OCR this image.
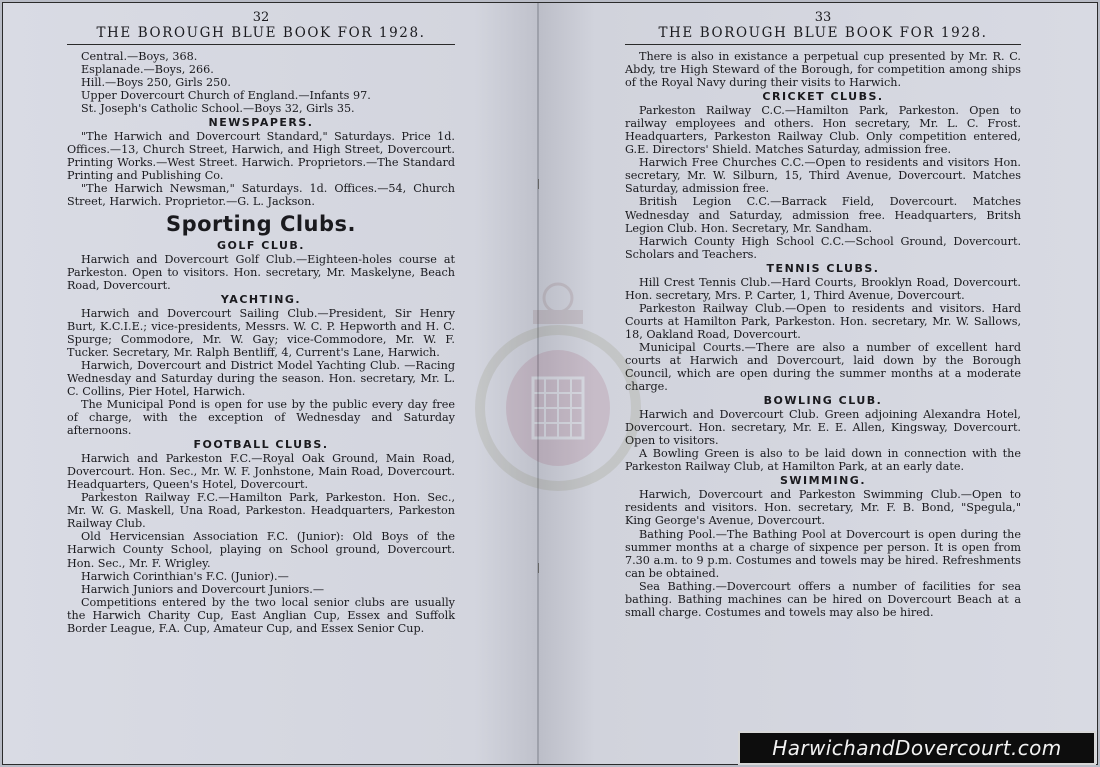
32
THE BOROUGH BLUE BOOK FOR 1928.

Central.—Boys, 368.

Esplanade.—Boys, 266.

Hill.—Boys 250, Girls 250.

Upper Dovercourt Church of England.—Infants 97.

St. Joseph's Catholic School.—Boys 32, Girls 35.

NEWSPAPERS.

"The Harwich and Dovercourt Standard," Saturdays. Price 1d. Offices.—13, Church Street, Harwich, and High Street, Dovercourt. Printing Works.—West Street. Harwich. Proprietors.—The Standard Printing and Publishing Co.

"The Harwich Newsman," Saturdays. 1d. Offices.—54, Church Street, Harwich. Proprietor.—G. L. Jackson.

Sporting Clubs.
GOLF CLUB.

Harwich and Dovercourt Golf Club.—Eighteen-holes course at Parkeston. Open to visitors. Hon. secretary, Mr. Maskelyne, Beach Road, Dovercourt.

YACHTING.

Harwich and Dovercourt Sailing Club.—President, Sir Henry Burt, K.C.I.E.; vice-presidents, Messrs. W. C. P. Hepworth and H. C. Spurge; Commodore, Mr. W. Gay; vice-Commodore, Mr. W. F. Tucker. Secretary, Mr. Ralph Bentliff, 4, Current's Lane, Harwich.

Harwich, Dovercourt and District Model Yachting Club. —Racing Wednesday and Saturday during the season. Hon. secretary, Mr. L. C. Collins, Pier Hotel, Harwich.

The Municipal Pond is open for use by the public every day free of charge, with the exception of Wednesday and Saturday afternoons.

FOOTBALL CLUBS.

Harwich and Parkeston F.C.—Royal Oak Ground, Main Road, Dovercourt. Hon. Sec., Mr. W. F. Jonhstone, Main Road, Dovercourt. Headquarters, Queen's Hotel, Dovercourt.

Parkeston Railway F.C.—Hamilton Park, Parkeston. Hon. Sec., Mr. W. G. Maskell, Una Road, Parkeston. Headquarters, Parkeston Railway Club.

Old Hervicensian Association F.C. (Junior): Old Boys of the Harwich County School, playing on School ground, Dovercourt. Hon. Sec., Mr. F. Wrigley.

Harwich Corinthian's F.C. (Junior).—

Harwich Juniors and Dovercourt Juniors.—

Competitions entered by the two local senior clubs are usually the Harwich Charity Cup, East Anglian Cup, Essex and Suffolk Border League, F.A. Cup, Amateur Cup, and Essex Senior Cup.

33
THE BOROUGH BLUE BOOK FOR 1928.

There is also in existance a perpetual cup presented by Mr. R. C. Abdy, tre High Steward of the Borough, for competition among ships of the Royal Navy during their visits to Harwich.

CRICKET CLUBS.

Parkeston Railway C.C.—Hamilton Park, Parkeston. Open to railway employees and others. Hon secretary, Mr. L. C. Frost. Headquarters, Parkeston Railway Club. Only competition entered, G.E. Directors' Shield. Matches Saturday, admission free.

Harwich Free Churches C.C.—Open to residents and visitors Hon. secretary, Mr. W. Silburn, 15, Third Avenue, Dovercourt. Matches Saturday, admission free.

British Legion C.C.—Barrack Field, Dovercourt. Matches Wednesday and Saturday, admission free. Headquarters, Britsh Legion Club. Hon. Secretary, Mr. Sandham.

Harwich County High School C.C.—School Ground, Dovercourt. Scholars and Teachers.

TENNIS CLUBS.

Hill Crest Tennis Club.—Hard Courts, Brooklyn Road, Dovercourt. Hon. secretary, Mrs. P. Carter, 1, Third Avenue, Dovercourt.

Parkeston Railway Club.—Open to residents and visitors. Hard Courts at Hamilton Park, Parkeston. Hon. secretary, Mr. W. Sallows, 18, Oakland Road, Dovercourt.

Municipal Courts.—There are also a number of excellent hard courts at Harwich and Dovercourt, laid down by the Borough Council, which are open during the summer months at a moderate charge.

BOWLING CLUB.

Harwich and Dovercourt Club. Green adjoining Alexandra Hotel, Dovercourt. Hon. secretary, Mr. E. E. Allen, Kingsway, Dovercourt. Open to visitors.

A Bowling Green is also to be laid down in connection with the Parkeston Railway Club, at Hamilton Park, at an early date.

SWIMMING.

Harwich, Dovercourt and Parkeston Swimming Club.—Open to residents and visitors. Hon. secretary, Mr. F. B. Bond, "Spegula," King George's Avenue, Dovercourt.

Bathing Pool.—The Bathing Pool at Dovercourt is open during the summer months at a charge of sixpence per person. It is open from 7.30 a.m. to 9 p.m. Costumes and towels may be hired. Refreshments can be obtained.

Sea Bathing.—Dovercourt offers a number of facilities for sea bathing. Bathing machines can be hired on Dovercourt Beach at a small charge. Costumes and towels may also be hired.

HarwichandDovercourt.com
